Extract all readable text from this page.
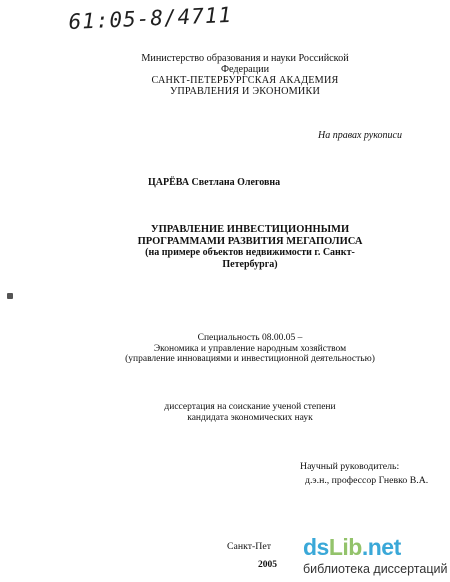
61:05-8/4711
Министерство образования и науки Российской Федерации
САНКТ-ПЕТЕРБУРГСКАЯ АКАДЕМИЯ
УПРАВЛЕНИЯ И ЭКОНОМИКИ
На правах рукописи
ЦАРЁВА Светлана Олеговна
УПРАВЛЕНИЕ ИНВЕСТИЦИОННЫМИ
ПРОГРАММАМИ РАЗВИТИЯ МЕГАПОЛИСА
(на примере объектов недвижимости г. Санкт-
Петербурга)
Специальность 08.00.05 –
Экономика и управление народным хозяйством
(управление инновациями и инвестиционной деятельностью)
диссертация на соискание ученой степени
кандидата экономических наук
Научный руководитель:
д.э.н., профессор Гневко В.А.
Санкт-Пет
2005
dsLib.net
библиотека диссертаций
